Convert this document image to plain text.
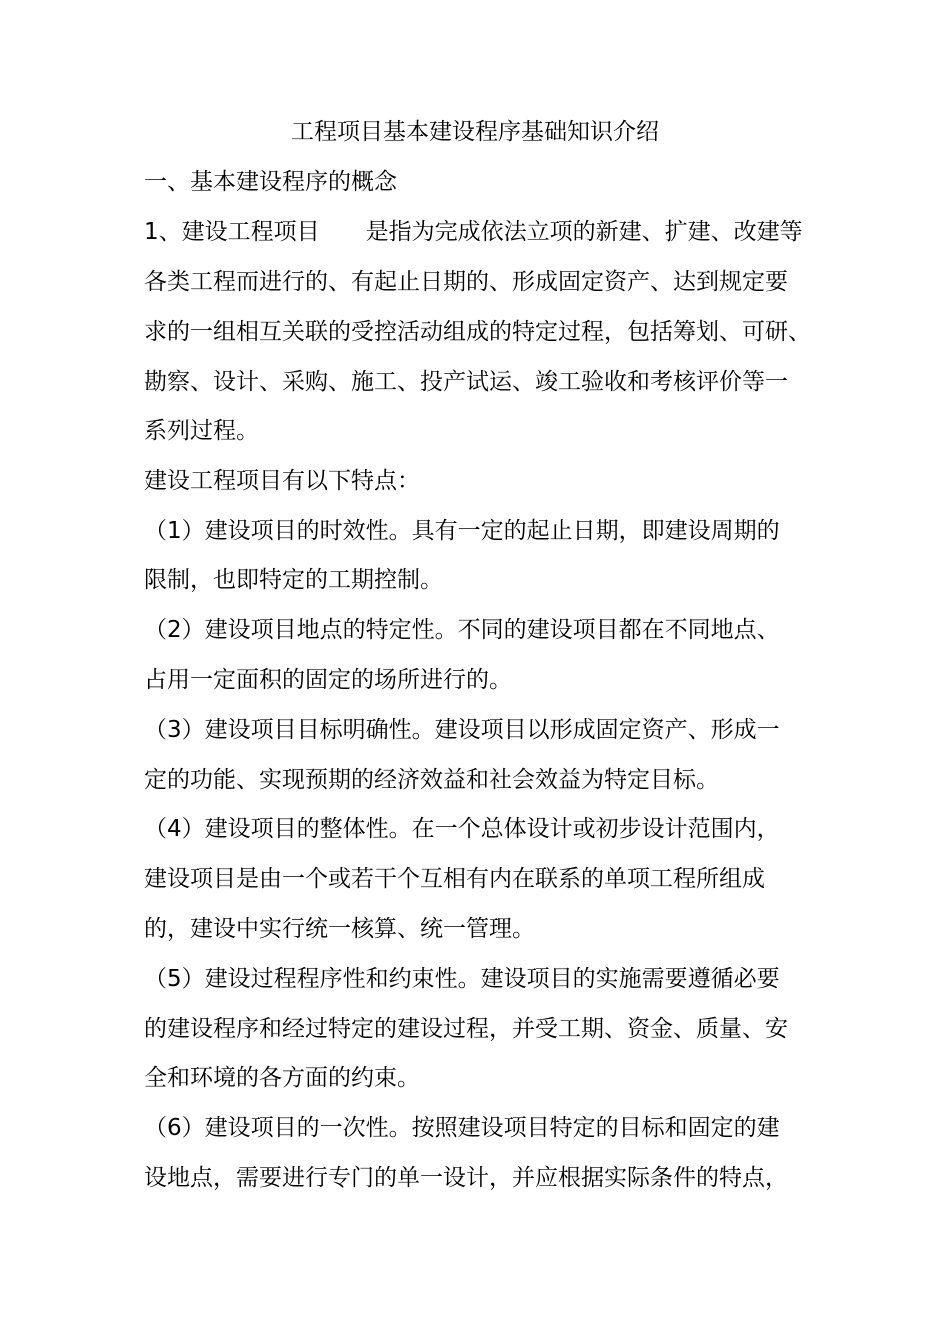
工程项目基本建设程序基础知识介绍
一、基本建设程序的概念
1、建设工程项目　　是指为完成依法立项的新建、扩建、改建等
各类工程而进行的、有起止日期的、形成固定资产、达到规定要
求的一组相互关联的受控活动组成的特定过程，包括筹划、可研、
勘察、设计、采购、施工、投产试运、竣工验收和考核评价等一
系列过程。
建设工程项目有以下特点：
（1）建设项目的时效性。具有一定的起止日期，即建设周期的
限制，也即特定的工期控制。
（2）建设项目地点的特定性。不同的建设项目都在不同地点、
占用一定面积的固定的场所进行的。
（3）建设项目目标明确性。建设项目以形成固定资产、形成一
定的功能、实现预期的经济效益和社会效益为特定目标。
（4）建设项目的整体性。在一个总体设计或初步设计范围内，
建设项目是由一个或若干个互相有内在联系的单项工程所组成
的，建设中实行统一核算、统一管理。
（5）建设过程程序性和约束性。建设项目的实施需要遵循必要
的建设程序和经过特定的建设过程，并受工期、资金、质量、安
全和环境的各方面的约束。
（6）建设项目的一次性。按照建设项目特定的目标和固定的建
设地点，需要进行专门的单一设计，并应根据实际条件的特点，
